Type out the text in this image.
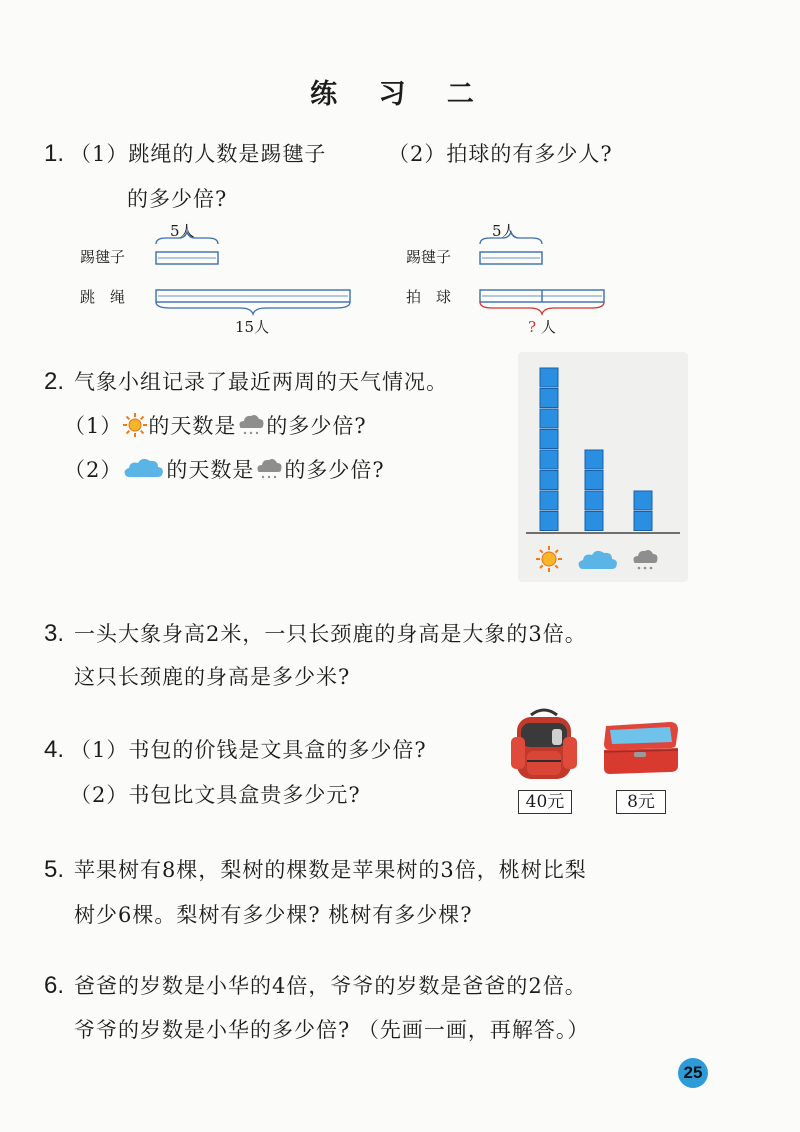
练 习 二
1. （1）跳绳的人数是踢毽子
的多少倍?
（2）拍球的有多少人?
5人
踢毽子
跳　绳
15人
5人
踢毽子
拍　球
? 人
2. 气象小组记录了最近两周的天气情况。
（1） 的天数是 的多少倍?
（2） 的天数是 的多少倍?
3. 一头大象身高2米，一只长颈鹿的身高是大象的3倍。
这只长颈鹿的身高是多少米?
4. （1）书包的价钱是文具盒的多少倍?
（2）书包比文具盒贵多少元?	40元	8元
5. 苹果树有8棵，梨树的棵数是苹果树的3倍，桃树比梨
树少6棵。梨树有多少棵? 桃树有多少棵?
6. 爸爸的岁数是小华的4倍，爷爷的岁数是爸爸的2倍。
爷爷的岁数是小华的多少倍? （先画一画，再解答。）
25
